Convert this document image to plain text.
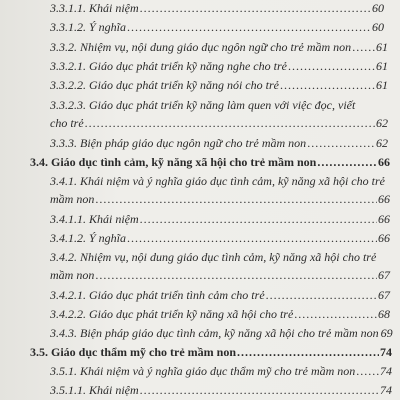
3.3.1.1. Khái niệm .....	60
3.3.1.2. Ý nghĩa .....	60
3.3.2. Nhiệm vụ, nội dung giáo dục ngôn ngữ cho trẻ mầm non ..... 61
3.3.2.1. Giáo dục phát triển kỹ năng nghe cho trẻ .....	61
3.3.2.2. Giáo dục phát triển kỹ năng nói cho trẻ .....	61
3.3.2.3. Giáo dục phát triển kỹ năng làm quen với việc đọc, viết
cho trẻ .....	62
3.3.3. Biện pháp giáo dục ngôn ngữ cho trẻ mầm non .....	62
3.4. Giáo dục tình cảm, kỹ năng xã hội cho trẻ mầm non .....	66
3.4.1. Khái niệm và ý nghĩa giáo dục tình cảm, kỹ năng xã hội cho trẻ
mầm non .....	66
3.4.1.1. Khái niệm .....	66
3.4.1.2. Ý nghĩa .....	66
3.4.2. Nhiệm vụ, nội dung giáo dục tình cảm, kỹ năng xã hội cho trẻ
mầm non .....	67
3.4.2.1. Giáo dục phát triển tình cảm cho trẻ .....	67
3.4.2.2. Giáo dục phát triển kỹ năng xã hội cho trẻ .....	68
3.4.3. Biện pháp giáo dục tình cảm, kỹ năng xã hội cho trẻ mầm non 69
3.5. Giáo dục thẩm mỹ cho trẻ mầm non .....	74
3.5.1. Khái niệm và ý nghĩa giáo dục thẩm mỹ cho trẻ mầm non ..... 74
3.5.1.1. Khái niệm .....	74
